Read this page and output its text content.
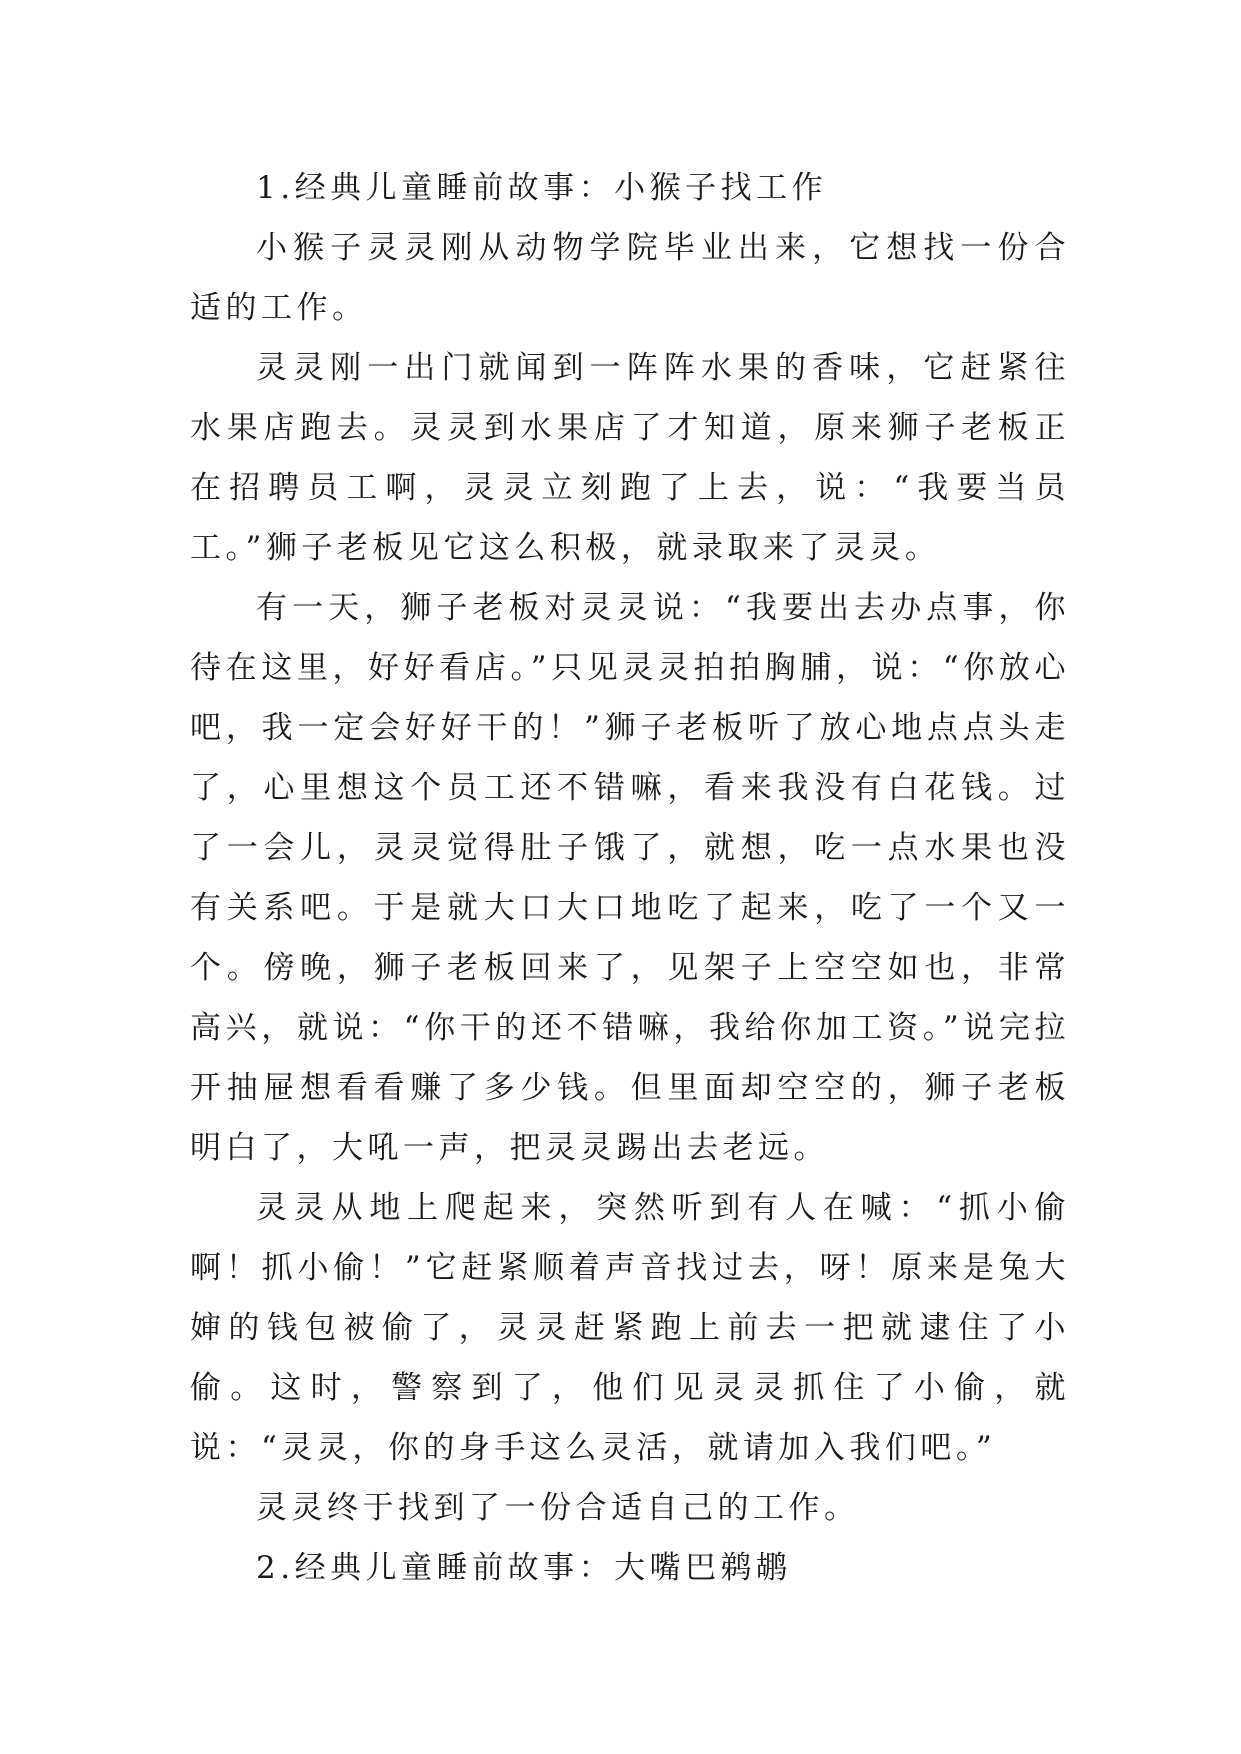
1.经典儿童睡前故事：小猴子找工作

小猴子灵灵刚从动物学院毕业出来，它想找一份合适的工作。

灵灵刚一出门就闻到一阵阵水果的香味，它赶紧往水果店跑去。灵灵到水果店了才知道，原来狮子老板正在招聘员工啊，灵灵立刻跑了上去，说：“我要当员工。”狮子老板见它这么积极，就录取来了灵灵。

有一天，狮子老板对灵灵说：“我要出去办点事，你待在这里，好好看店。”只见灵灵拍拍胸脯，说：“你放心吧，我一定会好好干的！”狮子老板听了放心地点点头走了，心里想这个员工还不错嘛，看来我没有白花钱。过了一会儿，灵灵觉得肚子饿了，就想，吃一点水果也没有关系吧。于是就大口大口地吃了起来，吃了一个又一个。傍晚，狮子老板回来了，见架子上空空如也，非常高兴，就说：“你干的还不错嘛，我给你加工资。”说完拉开抽屉想看看赚了多少钱。但里面却空空的，狮子老板明白了，大吼一声，把灵灵踢出去老远。

灵灵从地上爬起来，突然听到有人在喊：“抓小偷啊！抓小偷！”它赶紧顺着声音找过去，呀！原来是兔大婶的钱包被偷了，灵灵赶紧跑上前去一把就逮住了小偷。这时，警察到了，他们见灵灵抓住了小偷，就说：“灵灵，你的身手这么灵活，就请加入我们吧。”

灵灵终于找到了一份合适自己的工作。

2.经典儿童睡前故事：大嘴巴鹈鹕
